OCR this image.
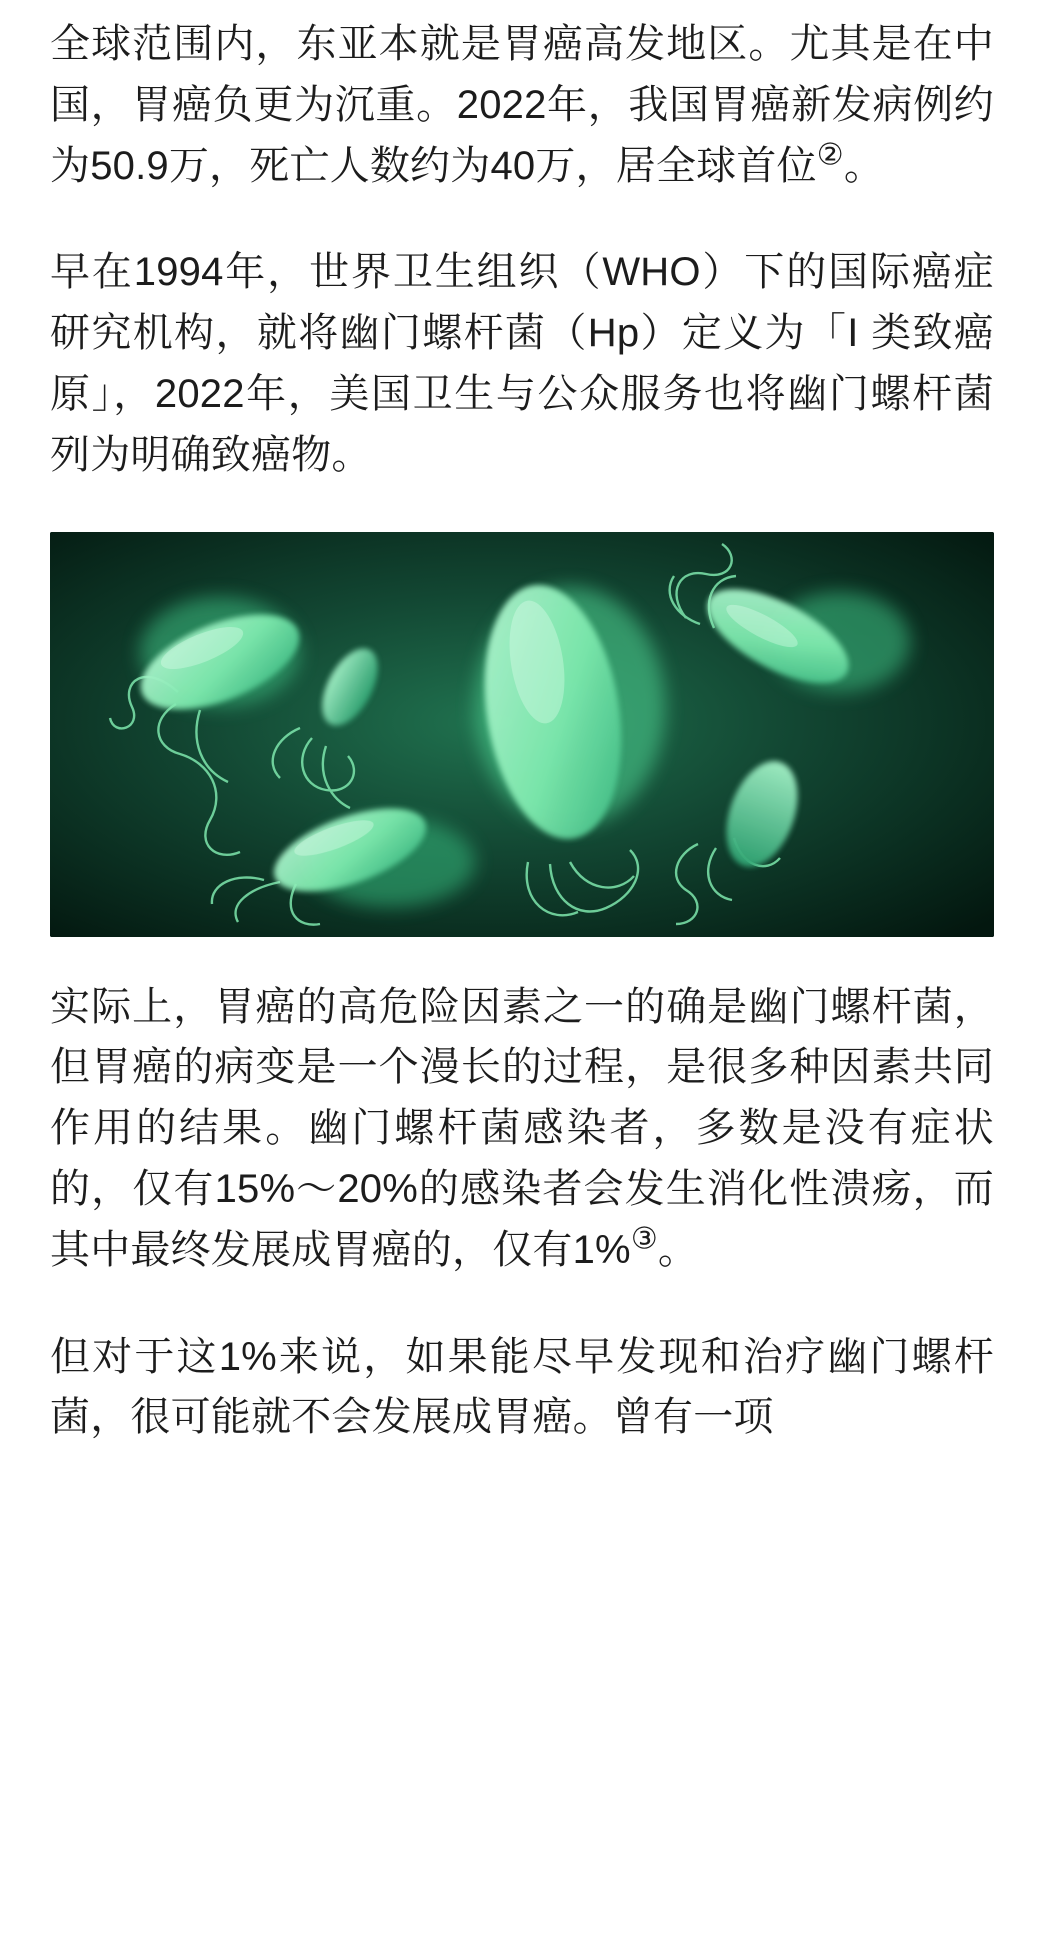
全球范围内，东亚本就是胃癌高发地区。尤其是在中国，胃癌负更为沉重。2022年，我国胃癌新发病例约为50.9万，死亡人数约为40万，居全球首位②。

早在1994年，世界卫生组织（WHO）下的国际癌症研究机构，就将幽门螺杆菌（Hp）定义为「I 类致癌原」，2022年，美国卫生与公众服务也将幽门螺杆菌列为明确致癌物。

实际上，胃癌的高危险因素之一的确是幽门螺杆菌，但胃癌的病变是一个漫长的过程，是很多种因素共同作用的结果。幽门螺杆菌感染者，多数是没有症状的，仅有15%～20%的感染者会发生消化性溃疡，而其中最终发展成胃癌的，仅有1%③。

但对于这1%来说，如果能尽早发现和治疗幽门螺杆菌，很可能就不会发展成胃癌。曾有一项
